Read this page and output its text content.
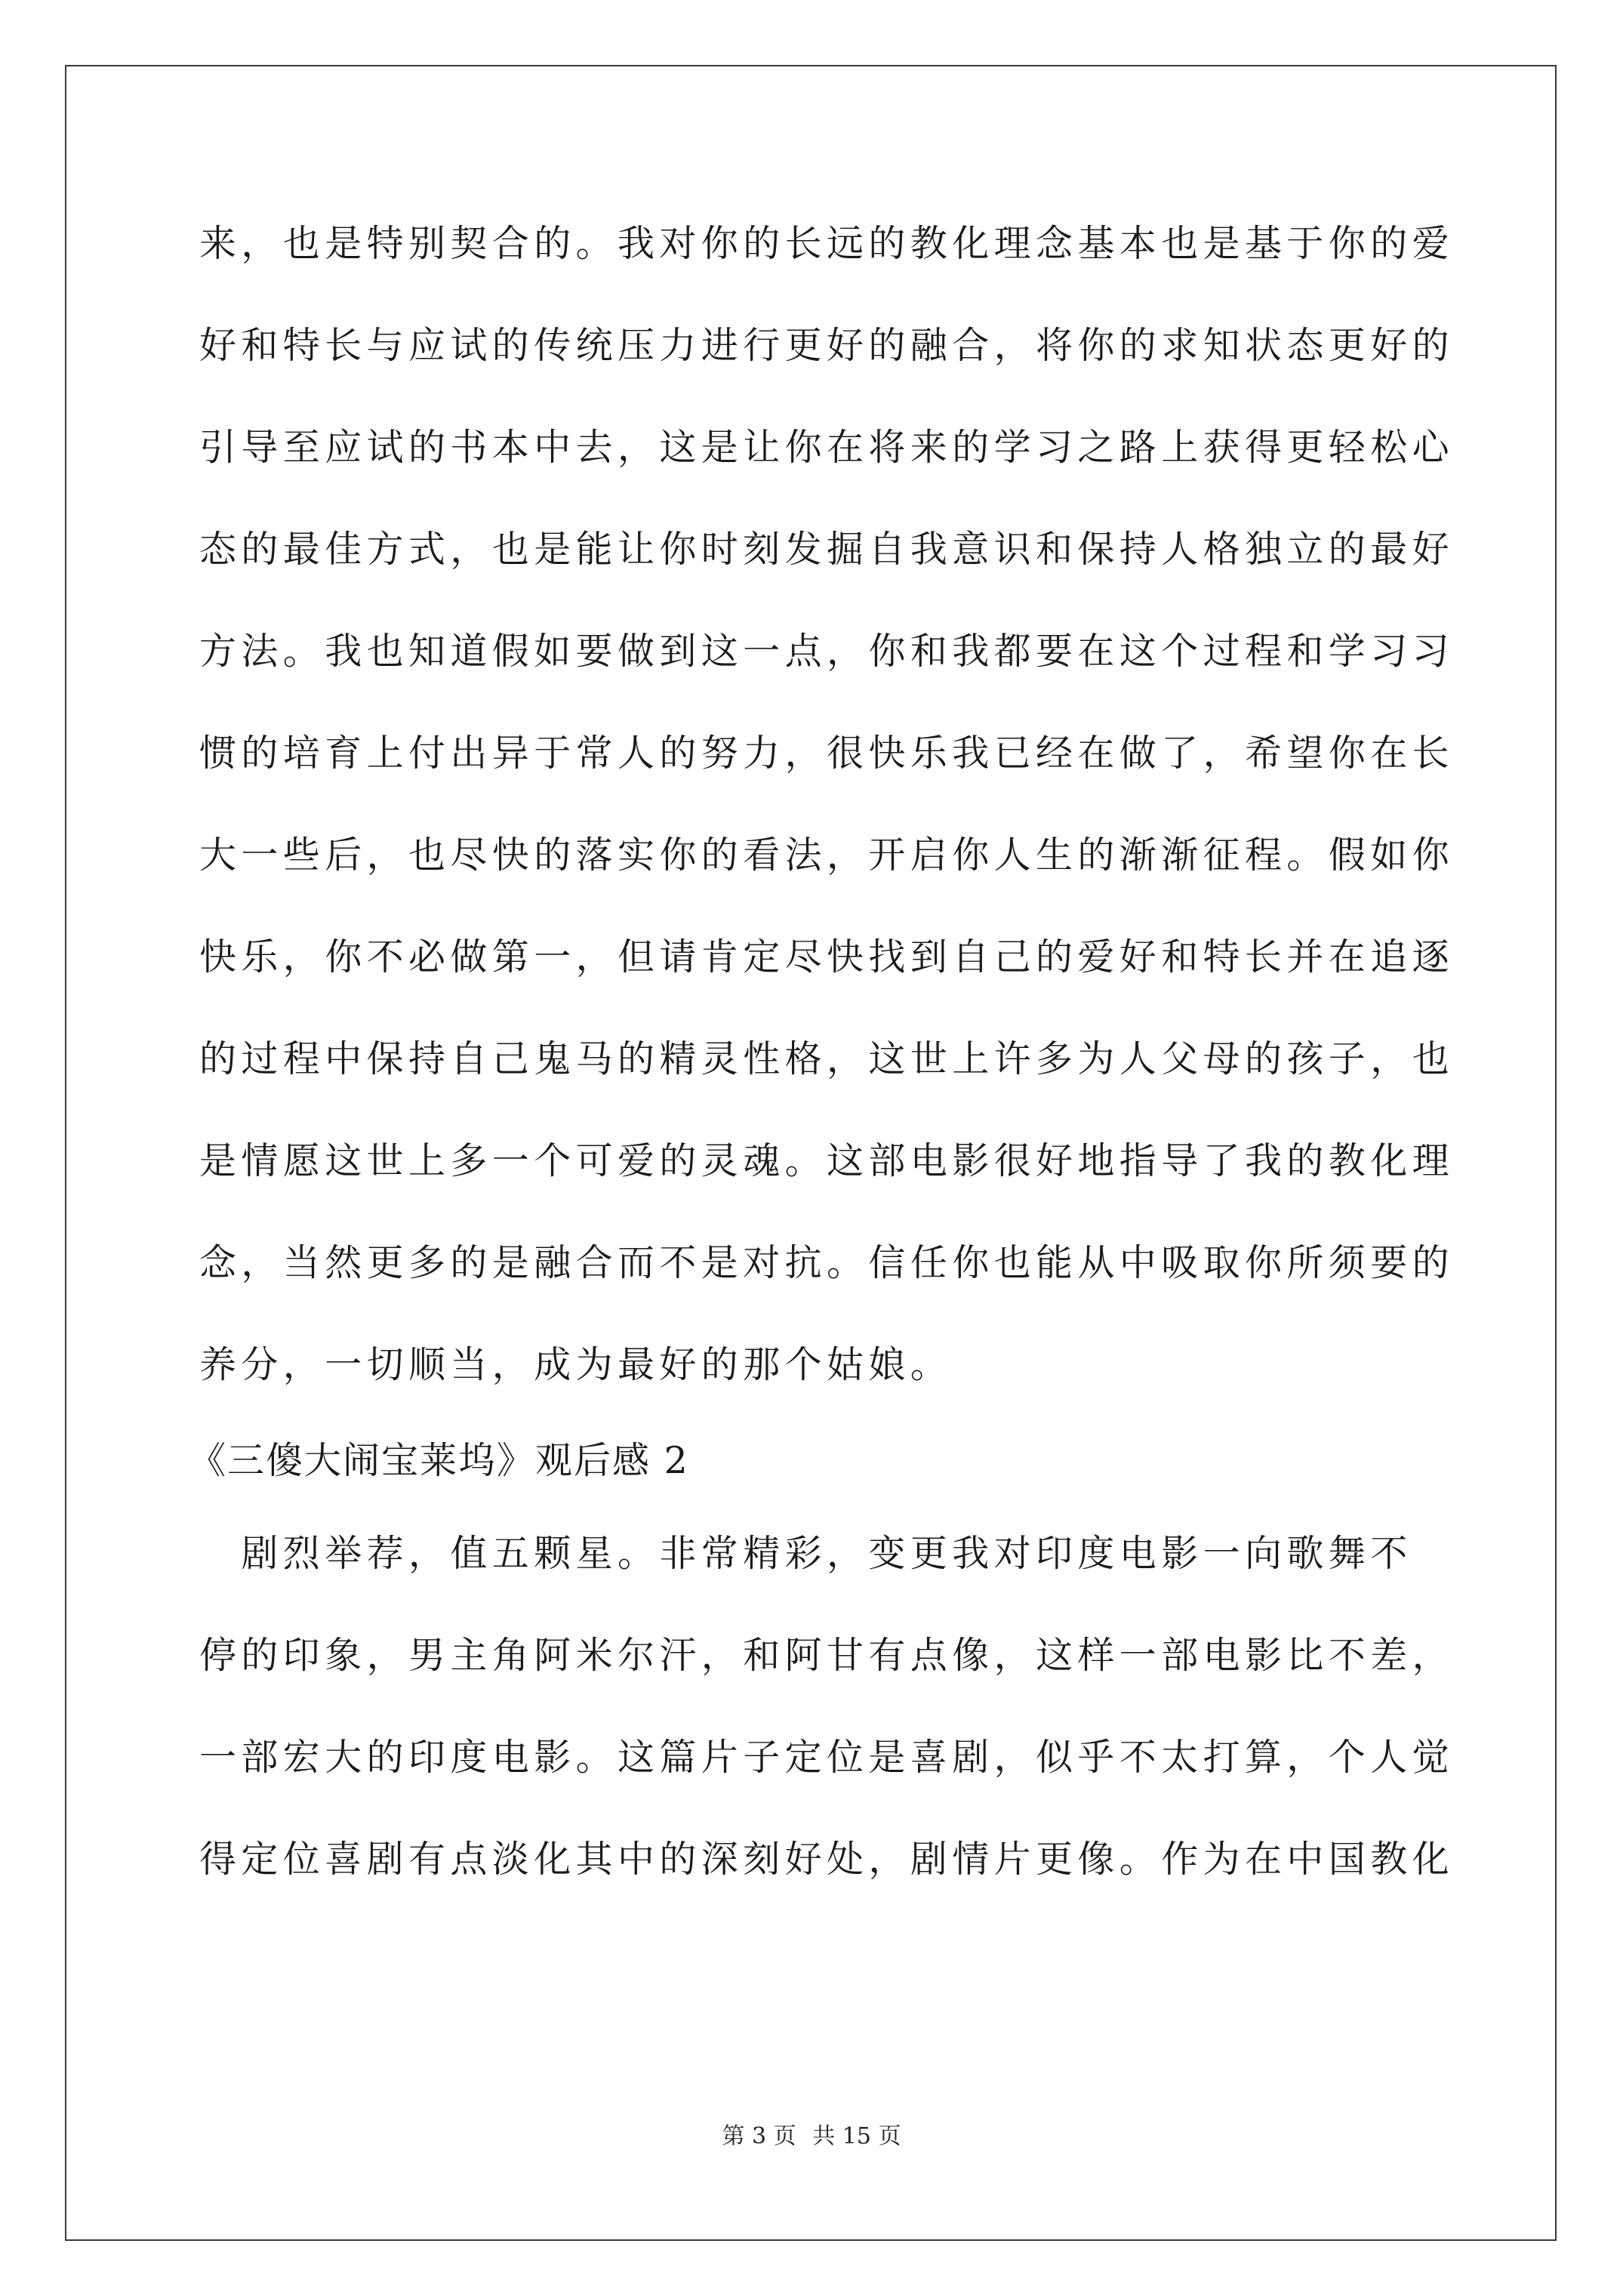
来，也是特别契合的。我对你的长远的教化理念基本也是基于你的爱
好和特长与应试的传统压力进行更好的融合，将你的求知状态更好的
引导至应试的书本中去，这是让你在将来的学习之路上获得更轻松心
态的最佳方式，也是能让你时刻发掘自我意识和保持人格独立的最好
方法。我也知道假如要做到这一点，你和我都要在这个过程和学习习
惯的培育上付出异于常人的努力，很快乐我已经在做了，希望你在长
大一些后，也尽快的落实你的看法，开启你人生的渐渐征程。假如你
快乐，你不必做第一，但请肯定尽快找到自己的爱好和特长并在追逐
的过程中保持自己鬼马的精灵性格，这世上许多为人父母的孩子，也
是情愿这世上多一个可爱的灵魂。这部电影很好地指导了我的教化理
念，当然更多的是融合而不是对抗。信任你也能从中吸取你所须要的
养分，一切顺当，成为最好的那个姑娘。
《三傻大闹宝莱坞》观后感 2
　剧烈举荐，值五颗星。非常精彩，变更我对印度电影一向歌舞不
停的印象，男主角阿米尔汗，和阿甘有点像，这样一部电影比不差，
一部宏大的印度电影。这篇片子定位是喜剧，似乎不太打算，个人觉
得定位喜剧有点淡化其中的深刻好处，剧情片更像。作为在中国教化
第 3 页 共 15 页
